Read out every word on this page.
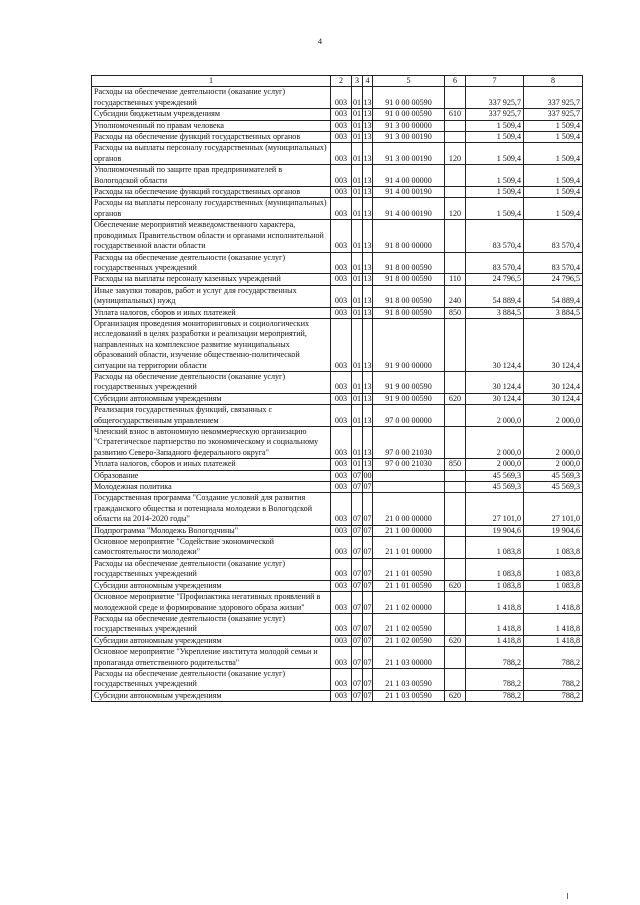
4
1	2	3	4	5	6	7	8
Расходы на обеспечение деятельности (оказание услуг) государственных учреждений	003	01	13	91 0 00 00590		337 925,7	337 925,7
Субсидии бюджетным учреждениям	003	01	13	91 0 00 00590	610	337 925,7	337 925,7
Уполномоченный по правам человека	003	01	13	91 3 00 00000		1 509,4	1 509,4
Расходы на обеспечение функций государственных органов	003	01	13	91 3 00 00190		1 509,4	1 509,4
Расходы на выплаты персоналу государственных (муниципальных) органов	003	01	13	91 3 00 00190	120	1 509,4	1 509,4
Уполномоченный по защите прав предпринимателей в Вологодской области	003	01	13	91 4 00 00000		1 509,4	1 509,4
Расходы на обеспечение функций государственных органов	003	01	13	91 4 00 00190		1 509,4	1 509,4
Расходы на выплаты персоналу государственных (муниципальных) органов	003	01	13	91 4 00 00190	120	1 509,4	1 509,4
Обеспечение мероприятий межведомственного характера, проводимых Правительством области и органами исполнительной государственной власти области	003	01	13	91 8 00 00000		83 570,4	83 570,4
Расходы на обеспечение деятельности (оказание услуг) государственных учреждений	003	01	13	91 8 00 00590		83 570,4	83 570,4
Расходы на выплаты персоналу казенных учреждений	003	01	13	91 8 00 00590	110	24 796,5	24 796,5
Иные закупки товаров, работ и услуг для государственных (муниципальных) нужд	003	01	13	91 8 00 00590	240	54 889,4	54 889,4
Уплата налогов, сборов и иных платежей	003	01	13	91 8 00 00590	850	3 884,5	3 884,5
Организация проведения мониторинговых и социологических исследований в целях разработки и реализации мероприятий, направленных на комплексное развитие муниципальных образований области, изучение общественно-политической ситуации на территории области	003	01	13	91 9 00 00000		30 124,4	30 124,4
Расходы на обеспечение деятельности (оказание услуг) государственных учреждений	003	01	13	91 9 00 00590		30 124,4	30 124,4
Субсидии автономным учреждениям	003	01	13	91 9 00 00590	620	30 124,4	30 124,4
Реализация государственных функций, связанных с общегосударственным управлением	003	01	13	97 0 00 00000		2 000,0	2 000,0
Членский взнос в автономную некоммерческую организацию "Стратегическое партнерство по экономическому и социальному развитию Северо-Западного федерального округа"	003	01	13	97 0 00 21030		2 000,0	2 000,0
Уплата налогов, сборов и иных платежей	003	01	13	97 0 00 21030	850	2 000,0	2 000,0
Образование	003	07	00			45 569,3	45 569,3
Молодежная политика	003	07	07			45 569,3	45 569,3
Государственная программа "Создание условий для развития гражданского общества и потенциала молодежи в Вологодской области на 2014-2020 годы"	003	07	07	21 0 00 00000		27 101,0	27 101,0
Подпрограмма "Молодежь Вологодчины"	003	07	07	21 1 00 00000		19 904,6	19 904,6
Основное мероприятие "Содействие экономической самостоятельности молодежи"	003	07	07	21 1 01 00000		1 083,8	1 083,8
Расходы на обеспечение деятельности (оказание услуг) государственных учреждений	003	07	07	21 1 01 00590		1 083,8	1 083,8
Субсидии автономным учреждениям	003	07	07	21 1 01 00590	620	1 083,8	1 083,8
Основное мероприятие "Профилактика негативных проявлений в молодежной среде и формирование здорового образа жизни"	003	07	07	21 1 02 00000		1 418,8	1 418,8
Расходы на обеспечение деятельности (оказание услуг) государственных учреждений	003	07	07	21 1 02 00590		1 418,8	1 418,8
Субсидии автономным учреждениям	003	07	07	21 1 02 00590	620	1 418,8	1 418,8
Основное мероприятие "Укрепление института молодой семьи и пропаганда ответственного родительства"	003	07	07	21 1 03 00000		788,2	788,2
Расходы на обеспечение деятельности (оказание услуг) государственных учреждений	003	07	07	21 1 03 00590		788,2	788,2
Субсидии автономным учреждениям	003	07	07	21 1 03 00590	620	788,2	788,2
